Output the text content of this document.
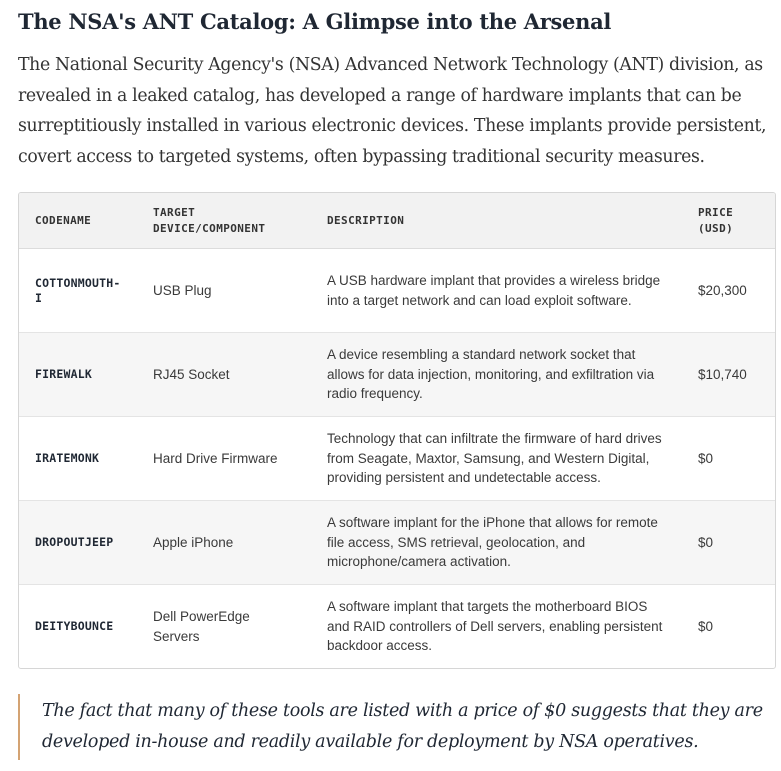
The NSA's ANT Catalog: A Glimpse into the Arsenal

The National Security Agency's (NSA) Advanced Network Technology (ANT) division, as revealed in a leaked catalog, has developed a range of hardware implants that can be surreptitiously installed in various electronic devices. These implants provide persistent, covert access to targeted systems, often bypassing traditional security measures.

CODENAME	TARGET DEVICE/COMPONENT	DESCRIPTION	PRICE (USD)
COTTONMOUTH-I	USB Plug	A USB hardware implant that provides a wireless bridge into a target network and can load exploit software.	$20,300
FIREWALK	RJ45 Socket	A device resembling a standard network socket that allows for data injection, monitoring, and exfiltration via radio frequency.	$10,740
IRATEMONK	Hard Drive Firmware	Technology that can infiltrate the firmware of hard drives from Seagate, Maxtor, Samsung, and Western Digital, providing persistent and undetectable access.	$0
DROPOUTJEEP	Apple iPhone	A software implant for the iPhone that allows for remote file access, SMS retrieval, geolocation, and microphone/camera activation.	$0
DEITYBOUNCE	Dell PowerEdge Servers	A software implant that targets the motherboard BIOS and RAID controllers of Dell servers, enabling persistent backdoor access.	$0
The fact that many of these tools are listed with a price of $0 suggests that they are developed in-house and readily available for deployment by NSA operatives.
